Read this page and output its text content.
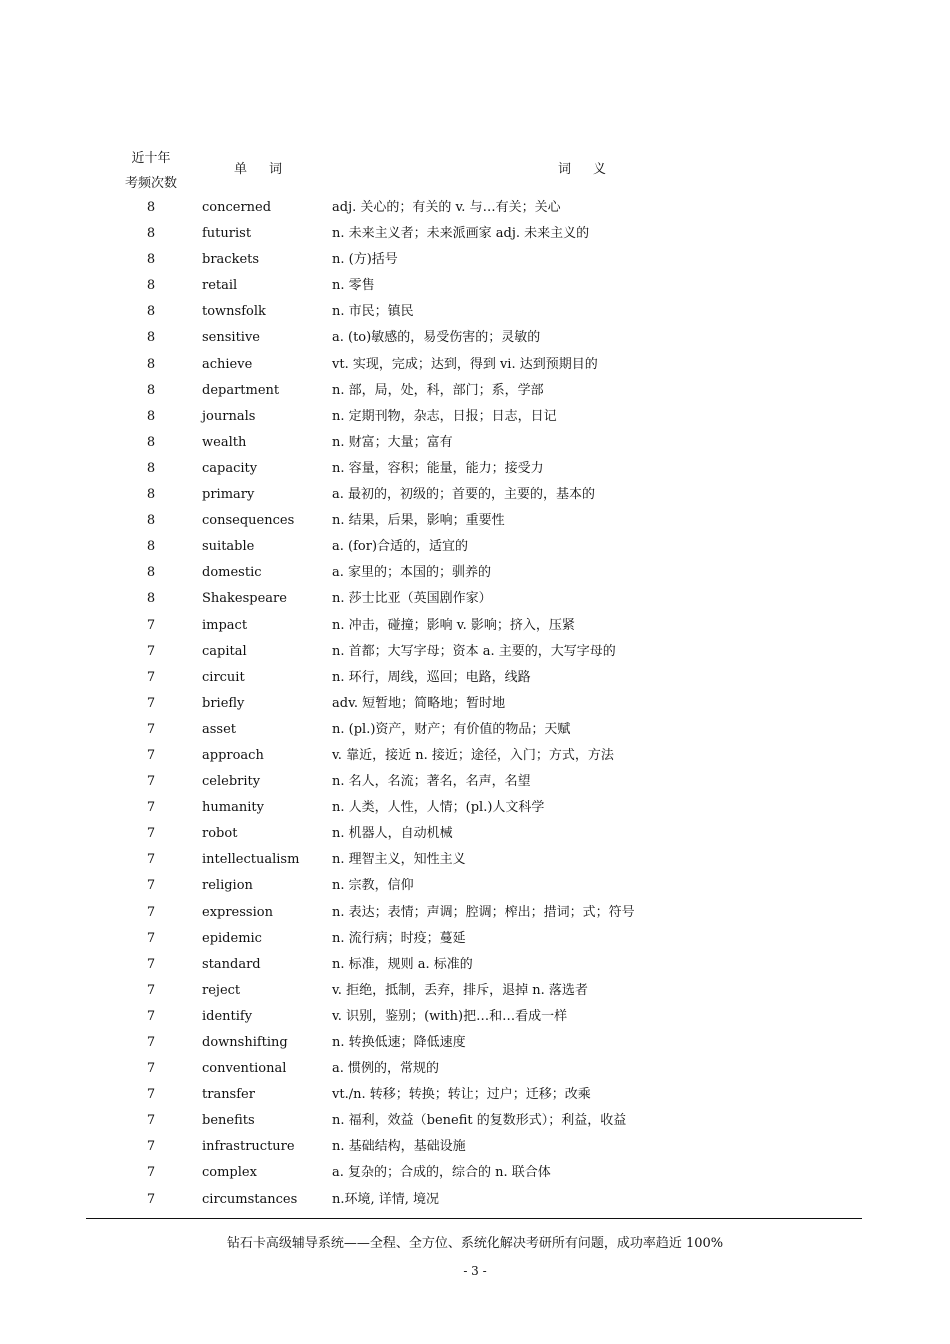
近十年
考频次数
单词	词义
8	concerned	adj. 关心的；有关的 v. 与…有关；关心
8	futurist	n. 未来主义者；未来派画家 adj. 未来主义的
8	brackets	n. (方)括号
8	retail	n. 零售
8	townsfolk	n. 市民；镇民
8	sensitive	a. (to)敏感的，易受伤害的；灵敏的
8	achieve	vt. 实现，完成；达到，得到 vi. 达到预期目的
8	department	n. 部，局，处，科，部门；系，学部
8	journals	n. 定期刊物，杂志，日报；日志，日记
8	wealth	n. 财富；大量；富有
8	capacity	n. 容量，容积；能量，能力；接受力
8	primary	a. 最初的，初级的；首要的，主要的，基本的
8	consequences	n. 结果，后果，影响；重要性
8	suitable	a. (for)合适的，适宜的
8	domestic	a. 家里的；本国的；驯养的
8	Shakespeare	n. 莎士比亚（英国剧作家）
7	impact	n. 冲击，碰撞；影响 v. 影响；挤入，压紧
7	capital	n. 首都；大写字母；资本 a. 主要的，大写字母的
7	circuit	n. 环行，周线，巡回；电路，线路
7	briefly	adv. 短暂地；简略地；暂时地
7	asset	n. (pl.)资产，财产；有价值的物品；天赋
7	approach	v. 靠近，接近 n. 接近；途径，入门；方式，方法
7	celebrity	n. 名人，名流；著名，名声，名望
7	humanity	n. 人类，人性，人情；(pl.)人文科学
7	robot	n. 机器人，自动机械
7	intellectualism	n. 理智主义，知性主义
7	religion	n. 宗教，信仰
7	expression	n. 表达；表情；声调；腔调；榨出；措词；式；符号
7	epidemic	n. 流行病；时疫；蔓延
7	standard	n. 标准，规则 a. 标准的
7	reject	v. 拒绝，抵制，丢弃，排斥，退掉 n. 落选者
7	identify	v. 识别，鉴别；(with)把…和…看成一样
7	downshifting	n. 转换低速；降低速度
7	conventional	a. 惯例的，常规的
7	transfer	vt./n. 转移；转换；转让；过户；迁移；改乘
7	benefits	n. 福利，效益（benefit 的复数形式）；利益，收益
7	infrastructure	n. 基础结构，基础设施
7	complex	a. 复杂的；合成的，综合的 n. 联合体
7	circumstances	n.环境, 详情, 境况
钻石卡高级辅导系统——全程、全方位、系统化解决考研所有问题，成功率趋近 100%
- 3 -
